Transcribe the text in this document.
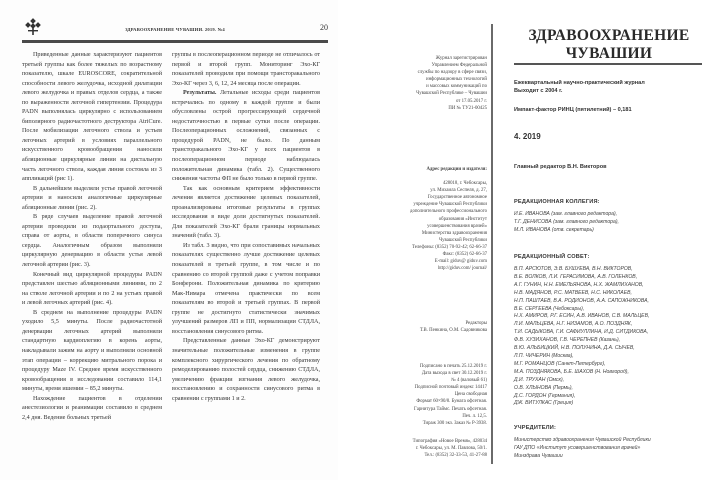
ЗДРАВООХРАНЕНИЕ ЧУВАШИИ. 2019. №4	20

Приведенные данные характеризуют пациентов третьей группы как более тяжелых по возрастному показателю, шкале EUROSCORE, сократительной способности левого желудочка, исходной дилатации левого желудочка и правых отделов сердца, а также по выраженности легочной гипертензии. Процедура PADN выполнялась циркулярно с использованием биполярного радиочастотного деструктора AtriCure. После мобилизации легочного ствола и устьев легочных артерий в условиях параллельного искусственного кровообращения наносили абляционные циркулярные линии на дистальную часть легочного ствола, каждая линия состояла из 3 аппликаций (рис 1).

В дальнейшем выделяли устье правой легочной артерии и наносили аналогичные циркулярные абляционные линии (рис. 2).

В ряде случаев выделение правой легочной артерии проводили из подаортального доступа, справа от аорты, в области поперечного синуса сердца. Аналогичным образом выполняли циркулярную денервацию в области устья левой легочной артерии (рис. 3).

Конечный вид циркулярной процедуры PADN представлен шестью абляционными линиями, по 2 на стволе легочной артерии и по 2 на устьях правой и левой легочных артерий (рис. 4).

В среднем на выполнение процедуры PADN уходило 5,5 минуты. После радиочастотной денервации легочных артерий выполняли стандартную кардиоплегию в корень аорты, накладывали зажим на аорту и выполняли основной этап операции – коррекцию митрального порока и процедуру Maze IV. Среднее время искусственного кровообращения в исследовании составило 114,1 минуты, время ишемии – 85,2 минуты.

Нахождение пациентов в отделении анестезиологии и реанимации составило в среднем 2,4 дня. Ведение больных третьей

группы в послеоперационном периоде не отличалось от первой и второй групп. Мониторинг Эхо-КГ показателей проводили при помощи трансторакального Эхо-КГ через 3, 6, 12, 24 месяца после операции.

Результаты. Летальные исходы среди пациентов встречались по одному в каждой группе и были обусловлены острой прогрессирующей сердечной недостаточностью в первые сутки после операции. Послеоперационных осложнений, связанных с процедурой PADN, не было. По данным трансторакального Эхо-КГ у всех пациентов в послеоперационном периоде наблюдалась положительная динамика (табл. 2). Существенного снижения частоты ФП не было только в первой группе.

Так как основным критерием эффективности лечения является достижение целевых показателей, проанализированы итоговые результаты в группах исследования в виде доли достигнутых показателей. Для показателей Эхо-КГ брали границы нормальных значений (табл. 3).

Из табл. 3 видно, что при сопоставимых начальных показателях существенно лучше достижение целевых показателей в третьей группе, в том числе и по сравнению со второй группой даже с учетом поправки Бонферони. Положительная динамика по критерию Мак-Нимара отмечена практически по всем показателям во второй и третьей группах. В первой группе не достигнуто статистически значимых улучшений размеров ЛП и ПП, нормализации СТДЛА, восстановления синусового ритма.

Представленные данные Эхо-КГ демонстрируют значительные положительные изменения в группе комплексного хирургического лечения по обратному ремоделированию полостей сердца, снижению СТДЛА, увеличению фракции изгнания левого желудочка, восстановлению и сохранности синусового ритма в сравнении с группами 1 и 2.

Журнал зарегистрирован
Управлением Федеральной
службы по надзору в сфере связи,
информационных технологий
и массовых коммуникаций по
Чувашской Республике – Чувашии
от 17.05.2017 г.
ПИ № ТУ21-00425
Адрес редакции и издателя:
428018, г. Чебоксары,
ул. Михаила Сеспеля, д. 27,
Государственное автономное
учреждение Чувашской Республики
дополнительного профессионального
образования «Институт
усовершенствования врачей»
Министерства здравоохранения
Чувашской Республики
Телефоны: (8352) 70-92-42; 62-66-37
Факс: (8352) 62-66-37
E-mail: giduv@ giduv.com
http://giduv.com/ journal/
Редакторы
Т.В. Пенкина, О.М. Садовникова
Подписано в печать 25.12.2019 г.
Дата выхода в свет 30.12.2019 г.
№ 4 (валовый 61)
Подписной почтовый индекс 14417
Цена свободная
Формат 60×90/8. Бумага офсетная.
Гарнитура Таймс. Печать офсетная.
Печ. л. 12,5.
Тираж 300 экз. Заказ № Р-3938.
Типография «Новое Время», 428034
г. Чебоксары, ул. М. Павлова, 50/1.
Тел.: (8352) 32-33-53, 41-27-88
ЗДРАВООХРАНЕНИЕ
ЧУВАШИИ
Ежеквартальный научно-практический журнал
Выходит с 2004 г.
Импакт-фактор РИНЦ (пятилетний) – 0,181
4. 2019
Главный редактор В.Н. Викторов
РЕДАКЦИОННАЯ КОЛЛЕГИЯ:
И.Е. ИВАНОВА (зам. главного редактора),
Т.Г. ДЕНИСОВА (зам. главного редактора),
М.Л. ИВАНОВА (отв. секретарь)
РЕДАКЦИОННЫЙ СОВЕТ:
В.П. АРСЮТОВ, Э.В. БУШУЕВА, В.Н. ВИКТОРОВ,
В.Е. ВОЛКОВ, Л.И. ГЕРАСИМОВА, А.В. ГОЛЕНКОВ,
А.Г. ГУНИН, Н.Н. ЕМЕЛЬЯНОВА, Н.Х. ЖАМЛИХАНОВ,
Н.В. МАДЯНОВ, Р.С. МАТВЕЕВ, Н.С. НИКОЛАЕВ,
Н.П. ПАШТАЕВ, В.А. РОДИОНОВ, А.А. САПОЖНИКОВА,
В.Е. СЕРГЕЕВА (Чебоксары),
Н.Х. АМИРОВ, Р.Г. ЕСИН, А.В. ИВАНОВ, С.В. МАЛЬЦЕВ,
Л.И. МАЛЬЦЕВА, Н.Г. НИЗАМОВ, А.О. ПОЗДНЯК,
Т.И. САДЫКОВА, Г.И. САФИУЛЛИНА, И.Д. СИТДИКОВА,
Ф.В. ХУЗИХАНОВ, Г.В. ЧЕРЕПНЕВ (Казань),
В.Ю. АЛЬБИЦКИЙ, Н.В. ПОЛУНИНА, Д.А. СЫЧЕВ,
Л.П. ЧИЧЕРИН (Москва),
М.Г. РОМАНЦОВ (Санкт-Петербург),
М.А. ПОЗДНЯКОВА, Б.Е. ШАХОВ (Н. Новгород),
Д.И. ТРУХАН (Омск),
О.В. ХЛЫНОВА (Пермь),
Д.С. ГОРДОН (Германия),
ДЖ. ВИТУЛКАС (Греция)
УЧРЕДИТЕЛИ:
Министерство здравоохранения Чувашской Республики
ГАУ ДПО «Институт усовершенствования врачей»
Минздрава Чувашии
